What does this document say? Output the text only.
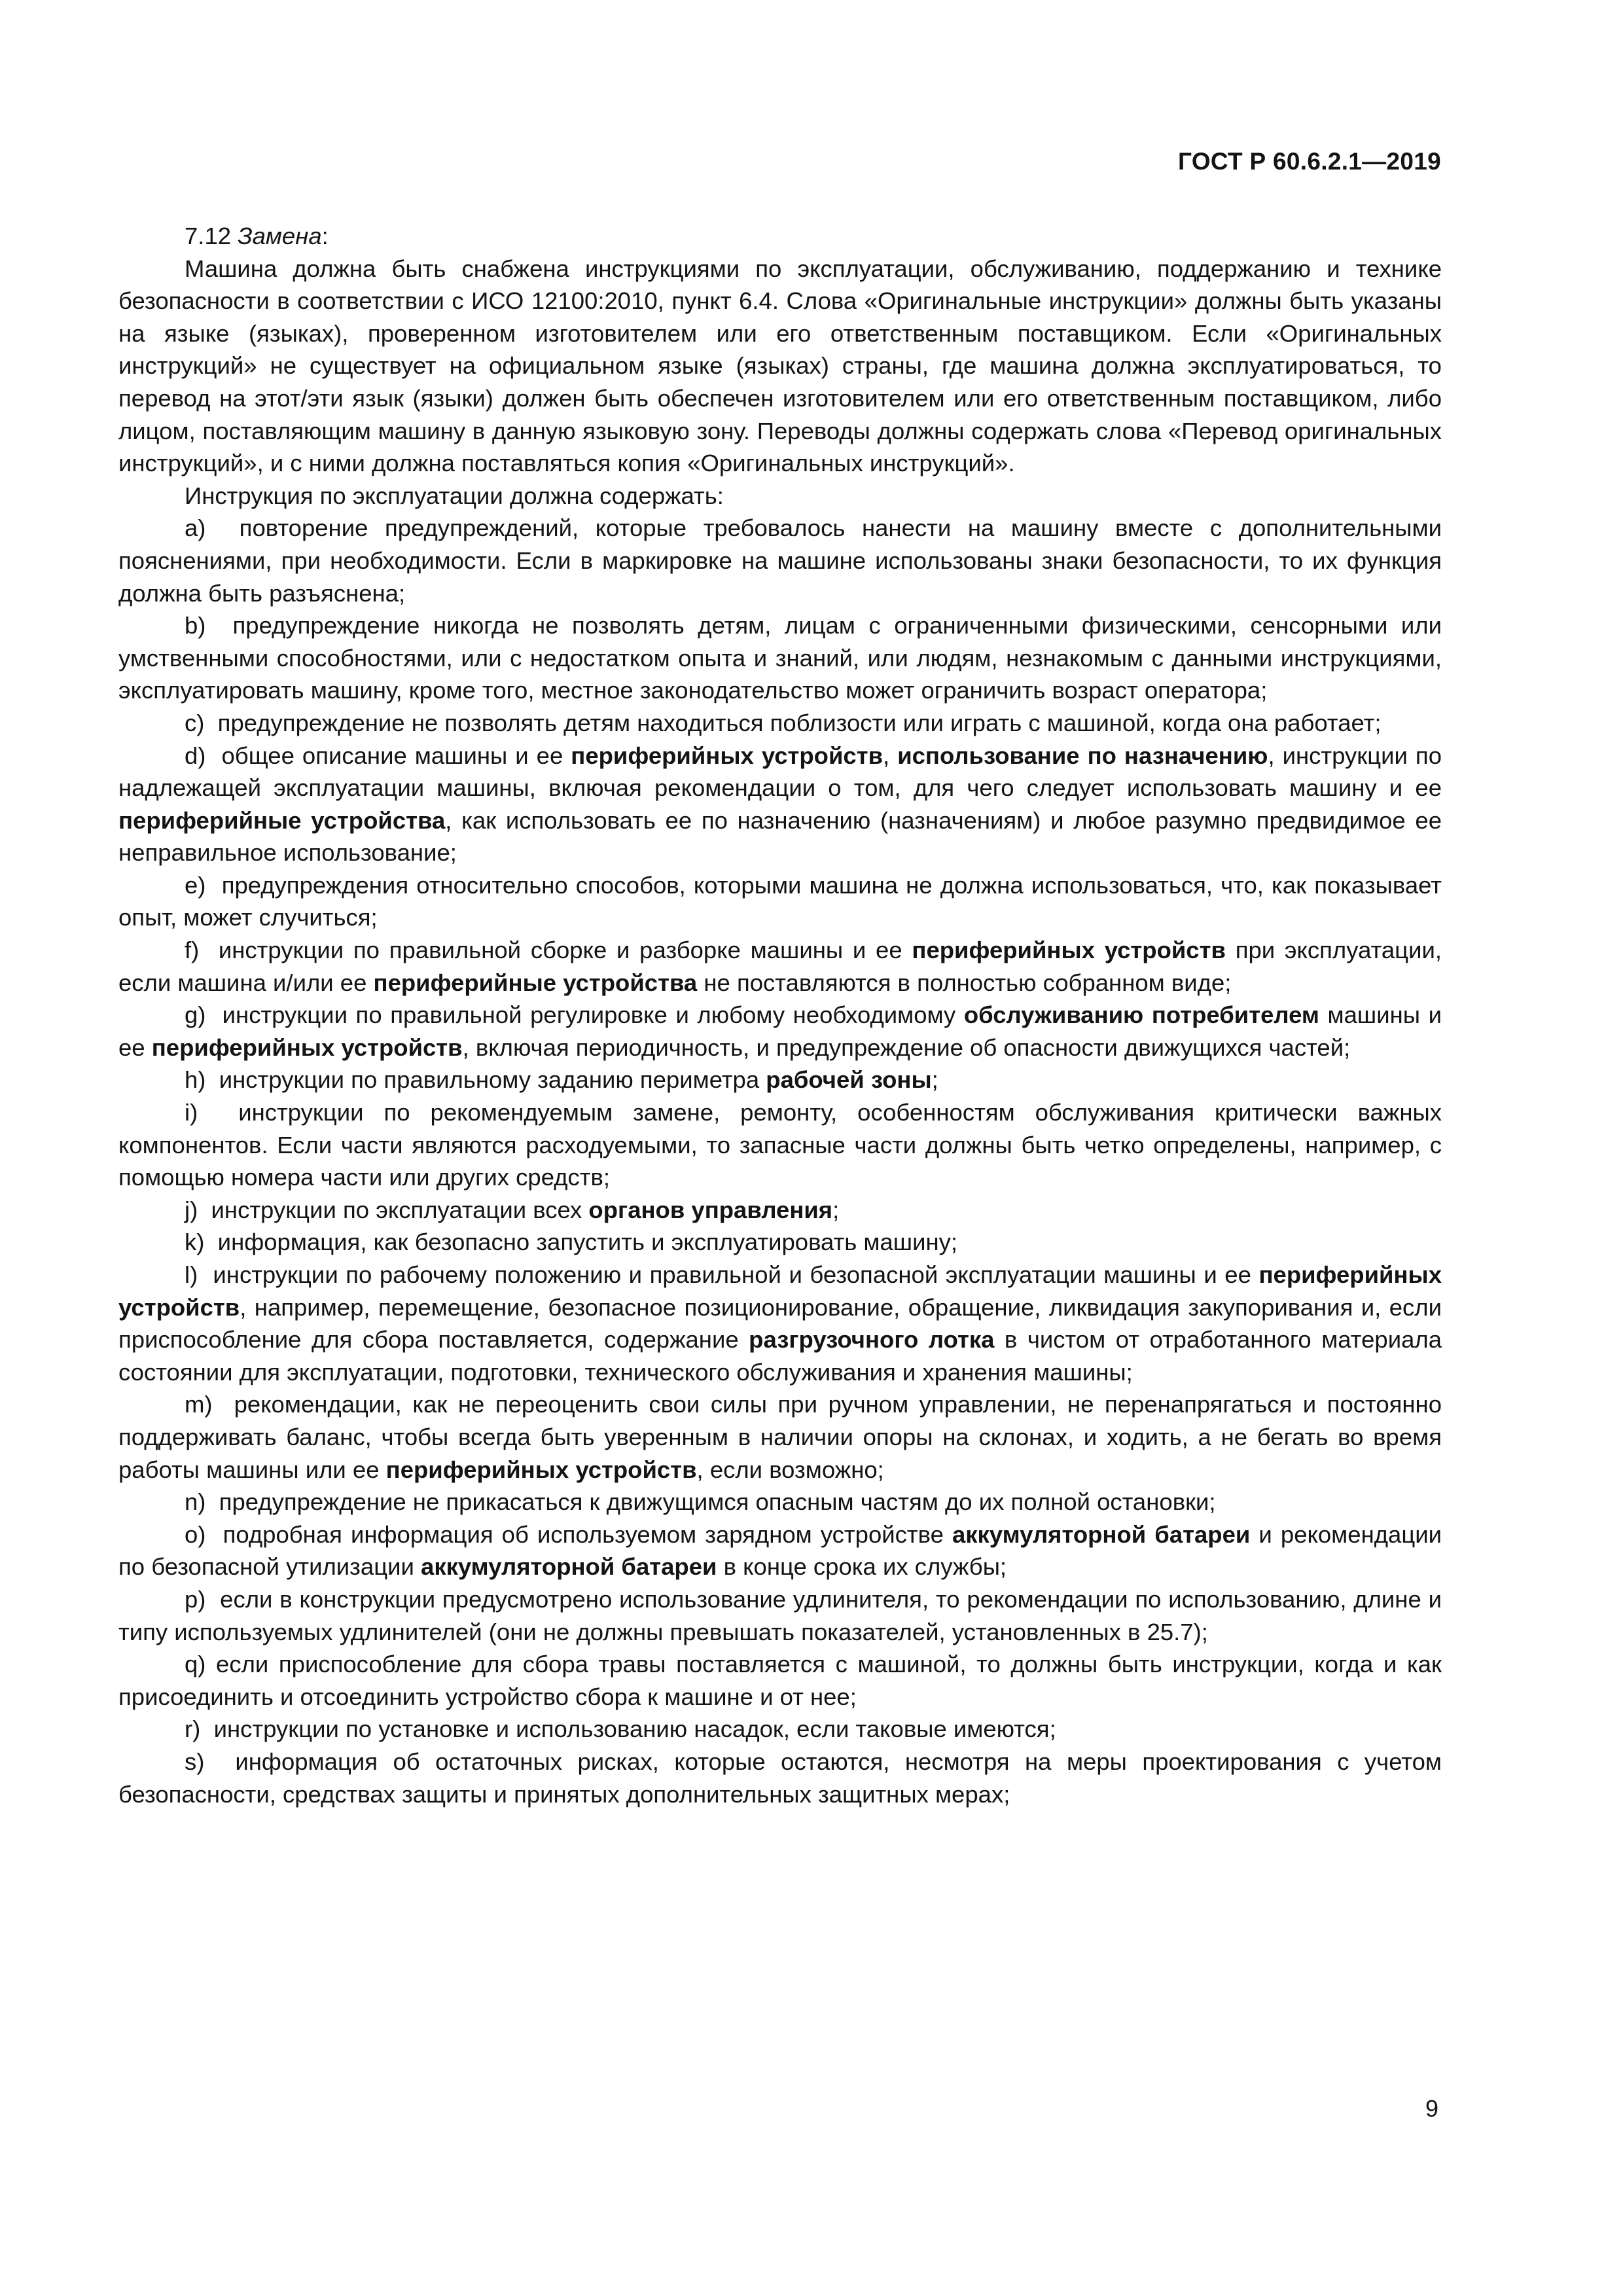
ГОСТ Р 60.6.2.1—2019

7.12 Замена:

Машина должна быть снабжена инструкциями по эксплуатации, обслуживанию, поддержанию и технике безопасности в соответствии с ИСО 12100:2010, пункт 6.4. Слова «Оригинальные инструкции» должны быть указаны на языке (языках), проверенном изготовителем или его ответственным поставщиком. Если «Оригинальных инструкций» не существует на официальном языке (языках) страны, где машина должна эксплуатироваться, то перевод на этот/эти язык (языки) должен быть обеспечен изготовителем или его ответственным поставщиком, либо лицом, поставляющим машину в данную языковую зону. Переводы должны содержать слова «Перевод оригинальных инструкций», и с ними должна поставляться копия «Оригинальных инструкций».

Инструкция по эксплуатации должна содержать:

а)  повторение предупреждений, которые требовалось нанести на машину вместе с дополнительными пояснениями, при необходимости. Если в маркировке на машине использованы знаки безопасности, то их функция должна быть разъяснена;

b)  предупреждение никогда не позволять детям, лицам с ограниченными физическими, сенсорными или умственными способностями, или с недостатком опыта и знаний, или людям, незнакомым с данными инструкциями, эксплуатировать машину, кроме того, местное законодательство может ограничить возраст оператора;

с)  предупреждение не позволять детям находиться поблизости или играть с машиной, когда она работает;

d)  общее описание машины и ее периферийных устройств, использование по назначению, инструкции по надлежащей эксплуатации машины, включая рекомендации о том, для чего следует использовать машину и ее периферийные устройства, как использовать ее по назначению (назначениям) и любое разумно предвидимое ее неправильное использование;

е)  предупреждения относительно способов, которыми машина не должна использоваться, что, как показывает опыт, может случиться;

f)  инструкции по правильной сборке и разборке машины и ее периферийных устройств при эксплуатации, если машина и/или ее периферийные устройства не поставляются в полностью собранном виде;

g)  инструкции по правильной регулировке и любому необходимому обслуживанию потребителем машины и ее периферийных устройств, включая периодичность, и предупреждение об опасности движущихся частей;

h)  инструкции по правильному заданию периметра рабочей зоны;

i)  инструкции по рекомендуемым замене, ремонту, особенностям обслуживания критически важных компонентов. Если части являются расходуемыми, то запасные части должны быть четко определены, например, с помощью номера части или других средств;

j)  инструкции по эксплуатации всех органов управления;

k)  информация, как безопасно запустить и эксплуатировать машину;

l)  инструкции по рабочему положению и правильной и безопасной эксплуатации машины и ее периферийных устройств, например, перемещение, безопасное позиционирование, обращение, ликвидация закупоривания и, если приспособление для сбора поставляется, содержание разгрузочного лотка в чистом от отработанного материала состоянии для эксплуатации, подготовки, технического обслуживания и хранения машины;

m)  рекомендации, как не переоценить свои силы при ручном управлении, не перенапрягаться и постоянно поддерживать баланс, чтобы всегда быть уверенным в наличии опоры на склонах, и ходить, а не бегать во время работы машины или ее периферийных устройств, если возможно;

n)  предупреждение не прикасаться к движущимся опасным частям до их полной остановки;

о)  подробная информация об используемом зарядном устройстве аккумуляторной батареи и рекомендации по безопасной утилизации аккумуляторной батареи в конце срока их службы;

р)  если в конструкции предусмотрено использование удлинителя, то рекомендации по использованию, длине и типу используемых удлинителей (они не должны превышать показателей, установленных в 25.7);

q) если приспособление для сбора травы поставляется с машиной, то должны быть инструкции, когда и как присоединить и отсоединить устройство сбора к машине и от нее;

r)  инструкции по установке и использованию насадок, если таковые имеются;

s)  информация об остаточных рисках, которые остаются, несмотря на меры проектирования с учетом безопасности, средствах защиты и принятых дополнительных защитных мерах;

9
